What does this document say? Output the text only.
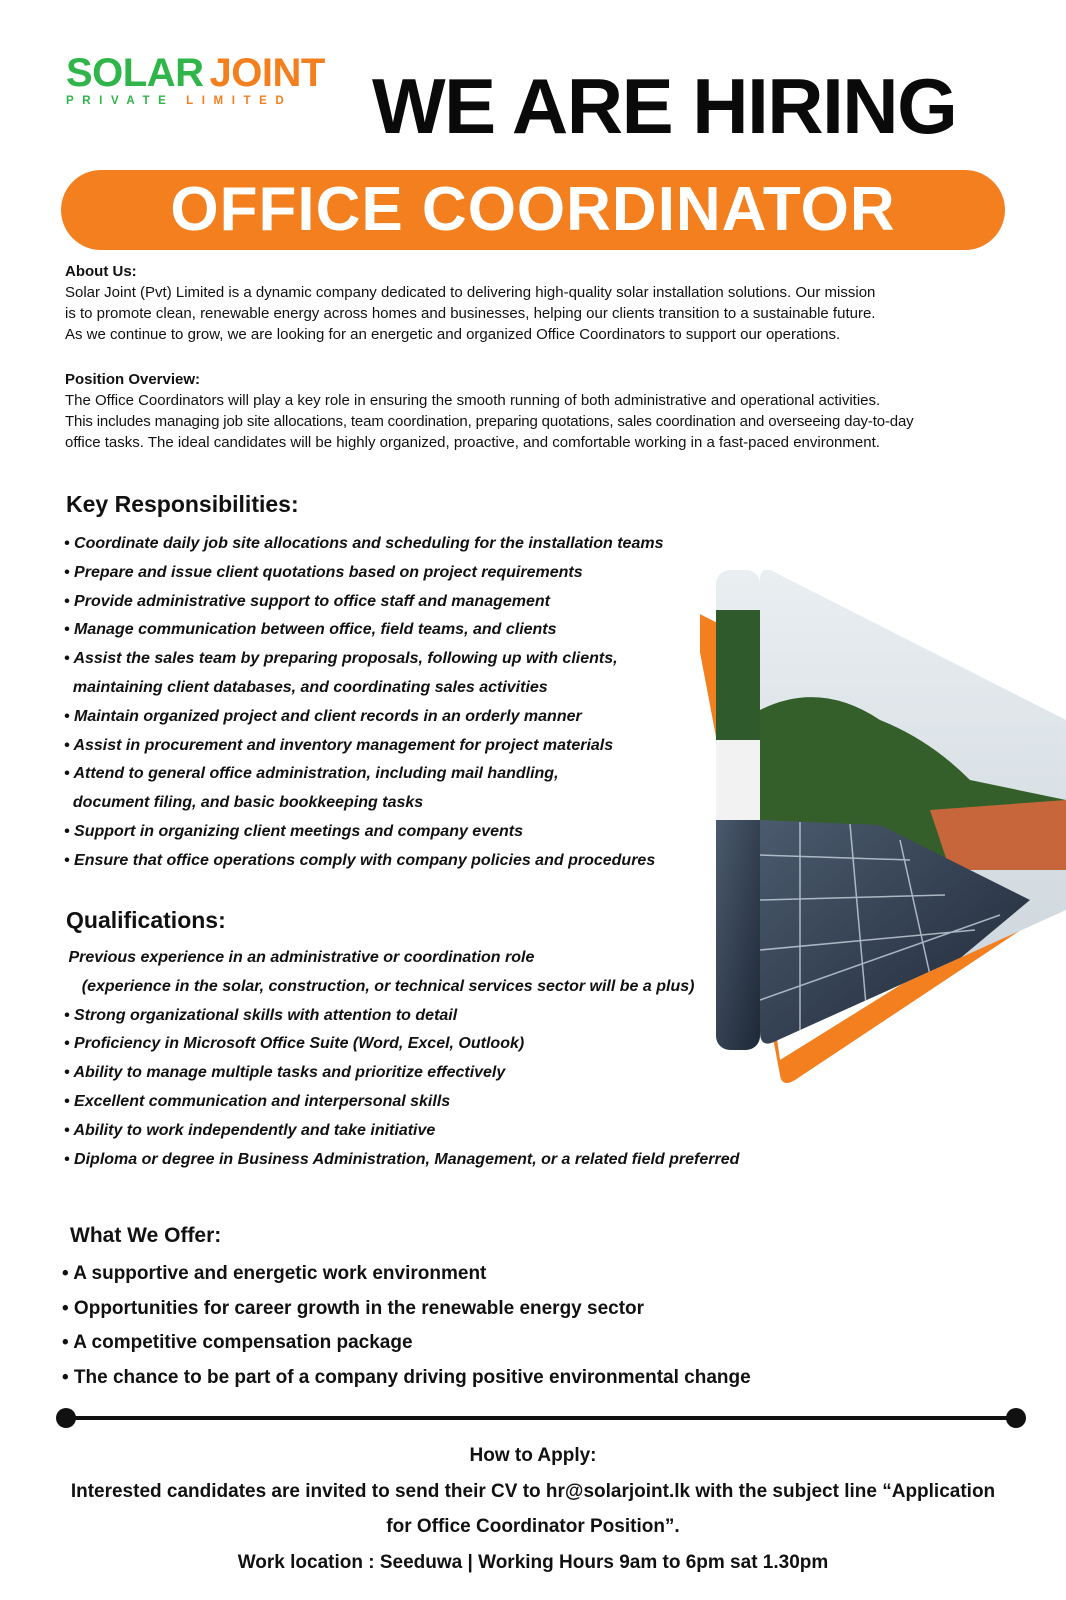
SOLAR JOINT
PRIVATE LIMITED	WE ARE HIRING
OFFICE COORDINATOR
About Us:

Solar Joint (Pvt) Limited is a dynamic company dedicated to delivering high-quality solar installation solutions. Our mission

is to promote clean, renewable energy across homes and businesses, helping our clients transition to a sustainable future.

As we continue to grow, we are looking for an energetic and organized Office Coordinators to support our operations.

Position Overview:

The Office Coordinators will play a key role in ensuring the smooth running of both administrative and operational activities.

This includes managing job site allocations, team coordination, preparing quotations, sales coordination and overseeing day-to-day

office tasks. The ideal candidates will be highly organized, proactive, and comfortable working in a fast-paced environment.

Key Responsibilities:
• Coordinate daily job site allocations and scheduling for the installation teams
• Prepare and issue client quotations based on project requirements
• Provide administrative support to office staff and management
• Manage communication between office, field teams, and clients
• Assist the sales team by preparing proposals, following up with clients,
maintaining client databases, and coordinating sales activities
• Maintain organized project and client records in an orderly manner
• Assist in procurement and inventory management for project materials
• Attend to general office administration, including mail handling,
document filing, and basic bookkeeping tasks
• Support in organizing client meetings and company events
• Ensure that office operations comply with company policies and procedures
Qualifications:
Previous experience in an administrative or coordination role
(experience in the solar, construction, or technical services sector will be a plus)
• Strong organizational skills with attention to detail
• Proficiency in Microsoft Office Suite (Word, Excel, Outlook)
• Ability to manage multiple tasks and prioritize effectively
• Excellent communication and interpersonal skills
• Ability to work independently and take initiative
• Diploma or degree in Business Administration, Management, or a related field preferred
What We Offer:
• A supportive and energetic work environment
• Opportunities for career growth in the renewable energy sector
• A competitive compensation package
• The chance to be part of a company driving positive environmental change
How to Apply:
Interested candidates are invited to send their CV to hr@solarjoint.lk with the subject line “Application
for Office Coordinator Position”.
Work location : Seeduwa | Working Hours 9am to 6pm sat 1.30pm
